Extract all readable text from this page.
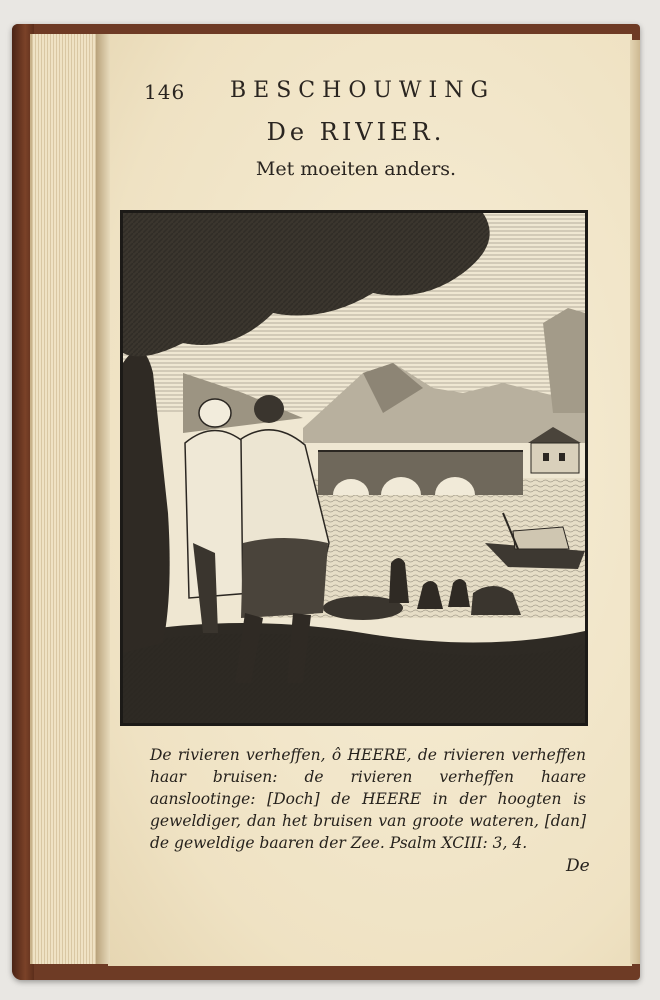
146 BESCHOUWING
De RIVIER.
Met moeiten anders.
De rivieren verheffen, ô HEERE, de rivieren verheffen haar bruisen: de rivieren verheffen haare aanslootinge: [Doch] de HEERE in der hoogten is geweldiger, dan het bruisen van groote wateren, [dan] de geweldige baaren der Zee. Psalm XCIII: 3, 4.
De
